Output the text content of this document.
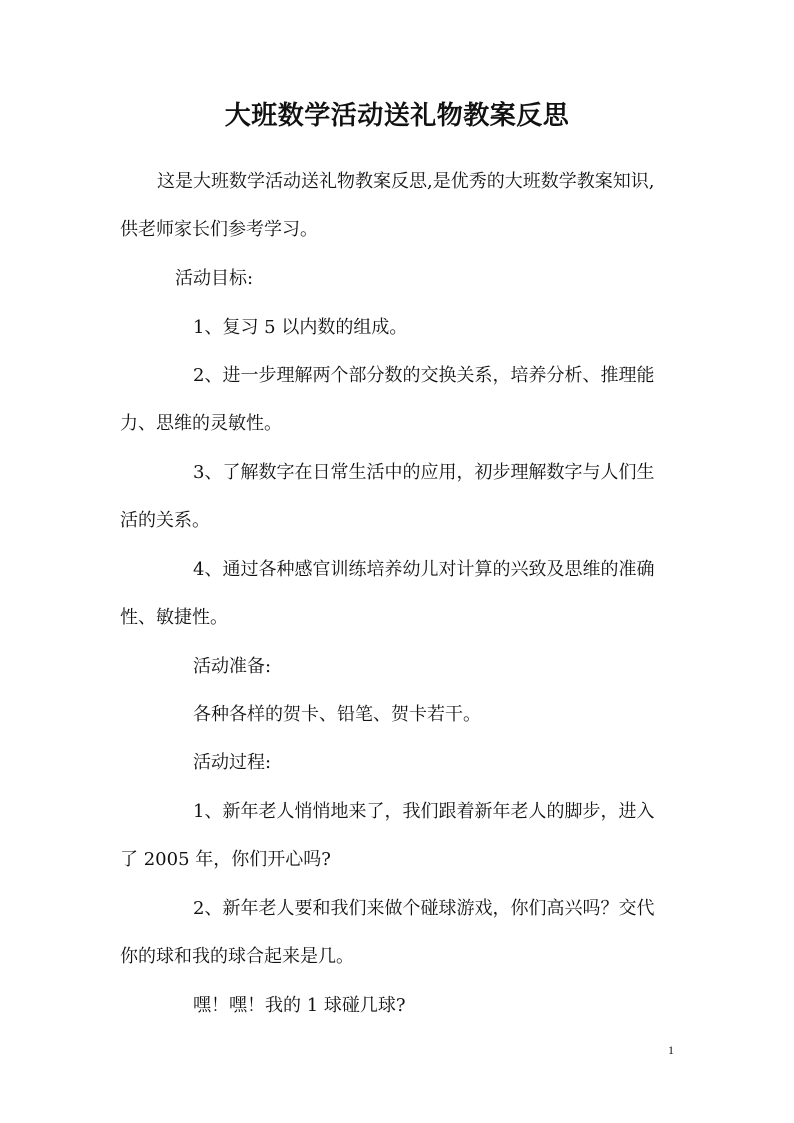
大班数学活动送礼物教案反思
这是大班数学活动送礼物教案反思,是优秀的大班数学教案知识,
供老师家长们参考学习。
活动目标:
1、复习 5 以内数的组成。
2、进一步理解两个部分数的交换关系，培养分析、推理能
力、思维的灵敏性。
3、了解数字在日常生活中的应用，初步理解数字与人们生
活的关系。
4、通过各种感官训练培养幼儿对计算的兴致及思维的准确
性、敏捷性。
活动准备:
各种各样的贺卡、铅笔、贺卡若干。
活动过程:
1、新年老人悄悄地来了，我们跟着新年老人的脚步，进入
了 2005 年，你们开心吗?
2、新年老人要和我们来做个碰球游戏，你们高兴吗？交代
你的球和我的球合起来是几。
嘿！嘿！我的 1 球碰几球?
1
